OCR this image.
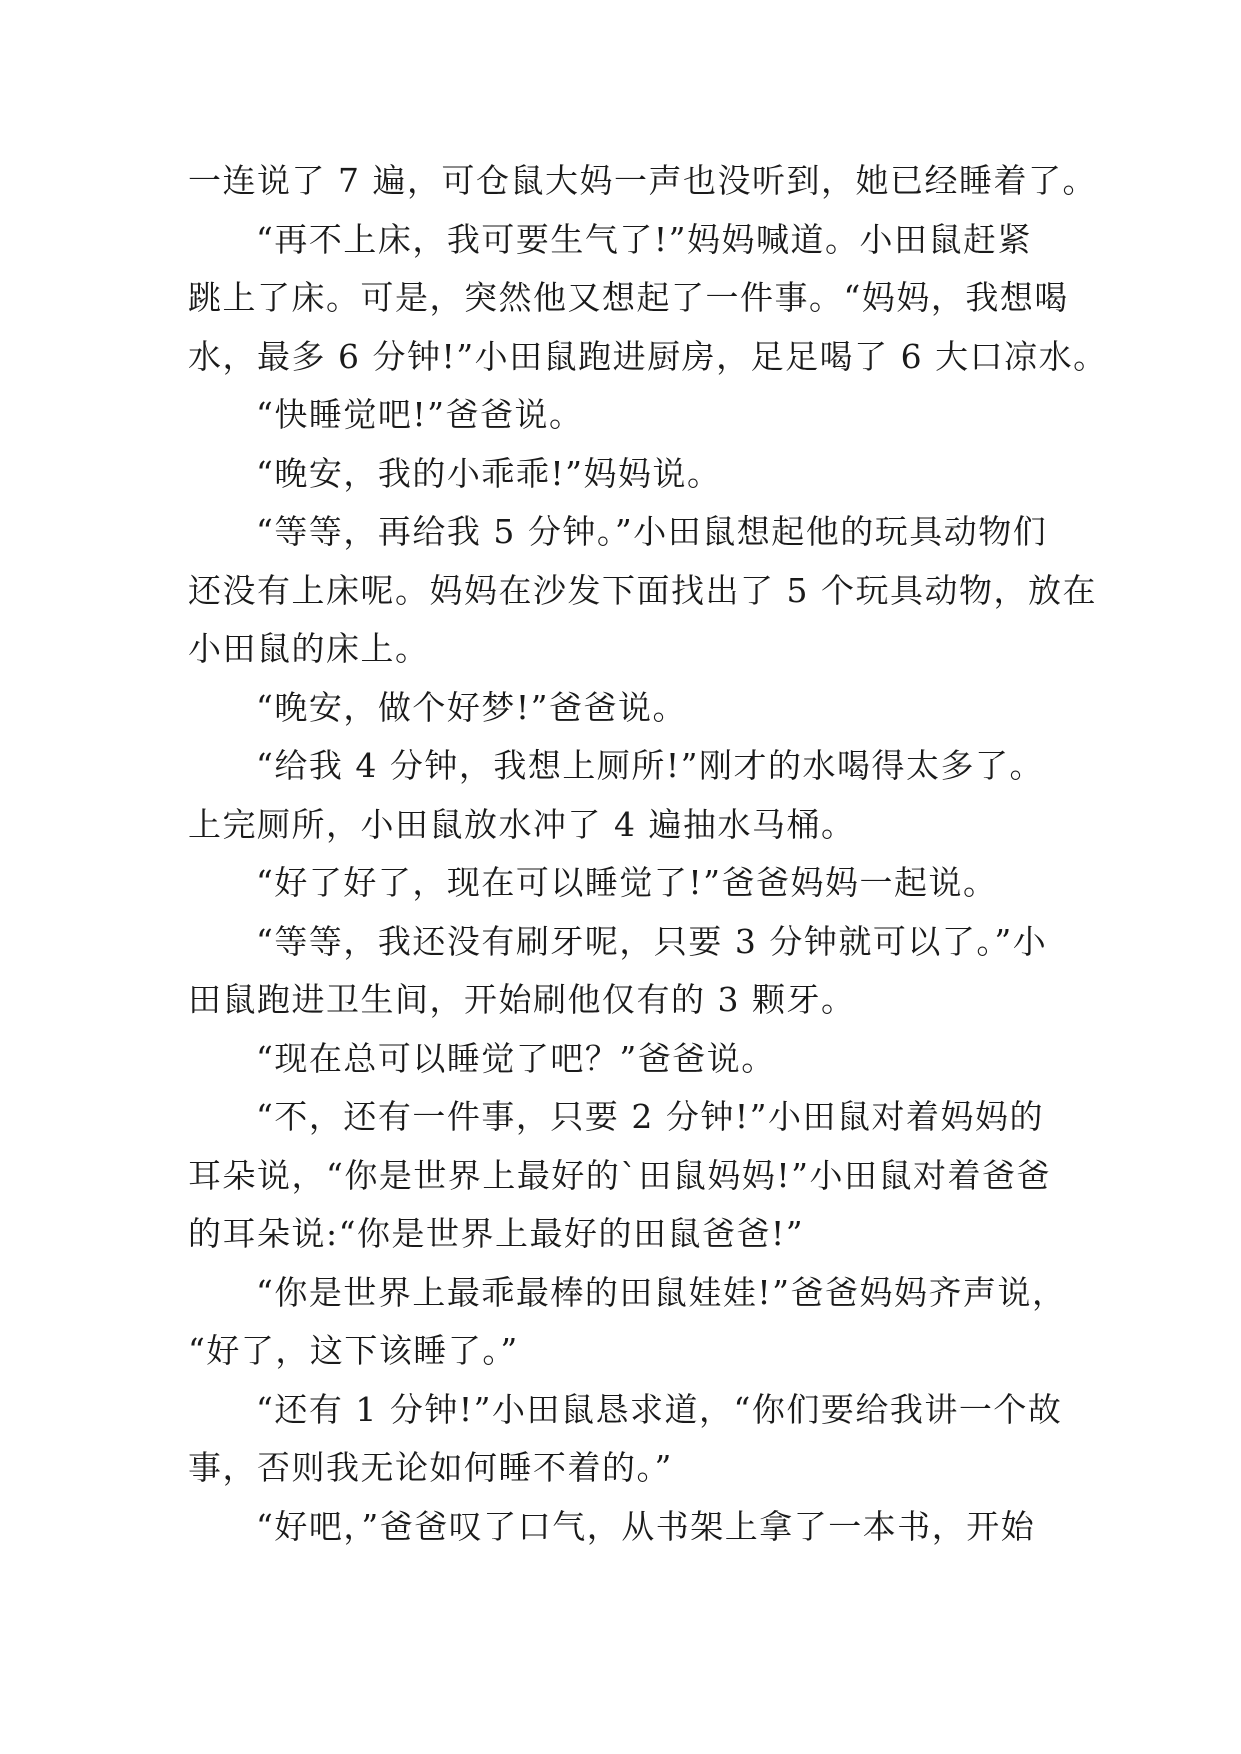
一连说了 7 遍，可仓鼠大妈一声也没听到，她已经睡着了。
“再不上床，我可要生气了!”妈妈喊道。小田鼠赶紧
跳上了床。可是，突然他又想起了一件事。“妈妈，我想喝
水，最多 6 分钟!”小田鼠跑进厨房，足足喝了 6 大口凉水。
“快睡觉吧!”爸爸说。
“晚安，我的小乖乖!”妈妈说。
“等等，再给我 5 分钟。”小田鼠想起他的玩具动物们
还没有上床呢。妈妈在沙发下面找出了 5 个玩具动物，放在
小田鼠的床上。
“晚安，做个好梦!”爸爸说。
“给我 4 分钟，我想上厕所!”刚才的水喝得太多了。
上完厕所，小田鼠放水冲了 4 遍抽水马桶。
“好了好了，现在可以睡觉了!”爸爸妈妈一起说。
“等等，我还没有刷牙呢，只要 3 分钟就可以了。”小
田鼠跑进卫生间，开始刷他仅有的 3 颗牙。
“现在总可以睡觉了吧？”爸爸说。
“不，还有一件事，只要 2 分钟!”小田鼠对着妈妈的
耳朵说，“你是世界上最好的`田鼠妈妈!”小田鼠对着爸爸
的耳朵说:“你是世界上最好的田鼠爸爸!”
“你是世界上最乖最棒的田鼠娃娃!”爸爸妈妈齐声说，
“好了，这下该睡了。”
“还有 1 分钟!”小田鼠恳求道，“你们要给我讲一个故
事，否则我无论如何睡不着的。”
“好吧，”爸爸叹了口气，从书架上拿了一本书，开始
